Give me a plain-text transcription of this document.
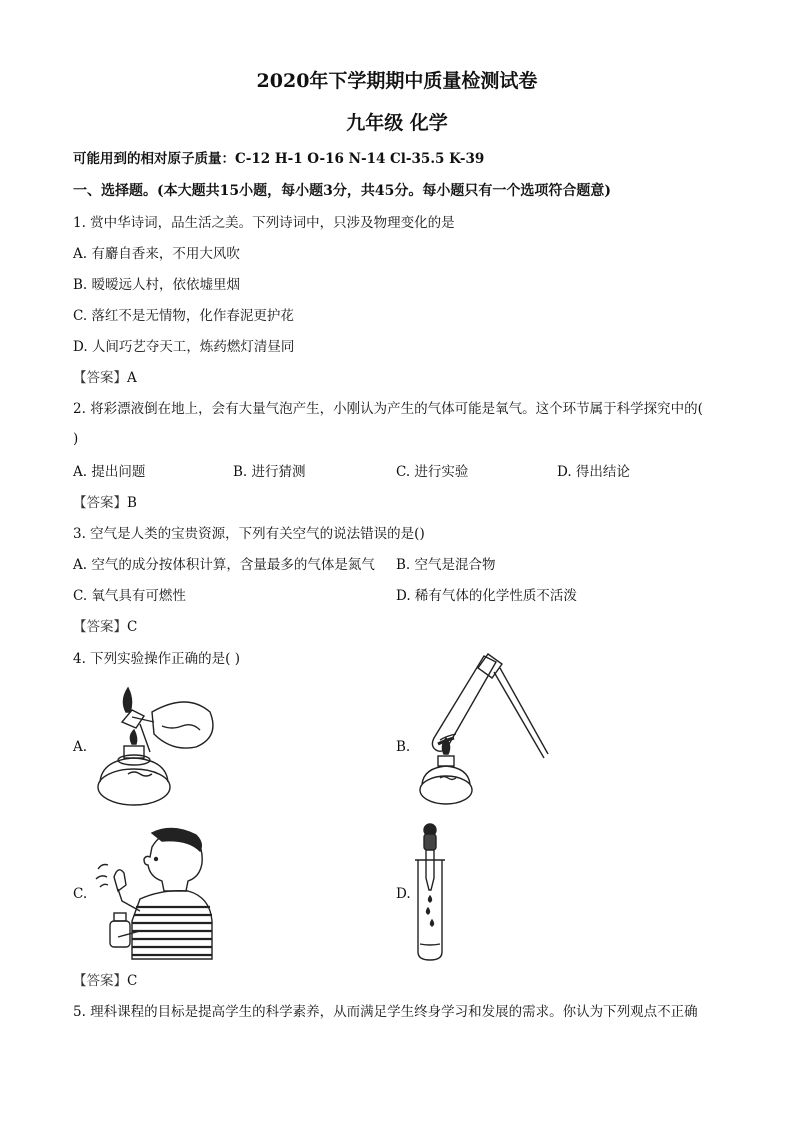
2020年下学期期中质量检测试卷
九年级 化学
可能用到的相对原子质量：C-12 H-1 O-16 N-14 Cl-35.5 K-39
一、选择题。(本大题共15小题，每小题3分，共45分。每小题只有一个选项符合题意)
1. 赏中华诗词，品生活之美。下列诗词中，只涉及物理变化的是
A. 有麝自香来，不用大风吹
B. 暧暧远人村，依依墟里烟
C. 落红不是无情物，化作春泥更护花
D. 人间巧艺夺天工，炼药燃灯清昼同
【答案】A
2. 将彩漂液倒在地上，会有大量气泡产生，小刚认为产生的气体可能是氧气。这个环节属于科学探究中的(
)
A. 提出问题	B. 进行猜测	C. 进行实验	D. 得出结论
【答案】B
3. 空气是人类的宝贵资源，下列有关空气的说法错误的是()
A. 空气的成分按体积计算，含量最多的气体是氮气 B. 空气是混合物
C. 氧气具有可燃性	D. 稀有气体的化学性质不活泼
【答案】C
4. 下列实验操作正确的是( )
A.	B.
C.	D.
【答案】C
5. 理科课程的目标是提高学生的科学素养，从而满足学生终身学习和发展的需求。你认为下列观点不正确
